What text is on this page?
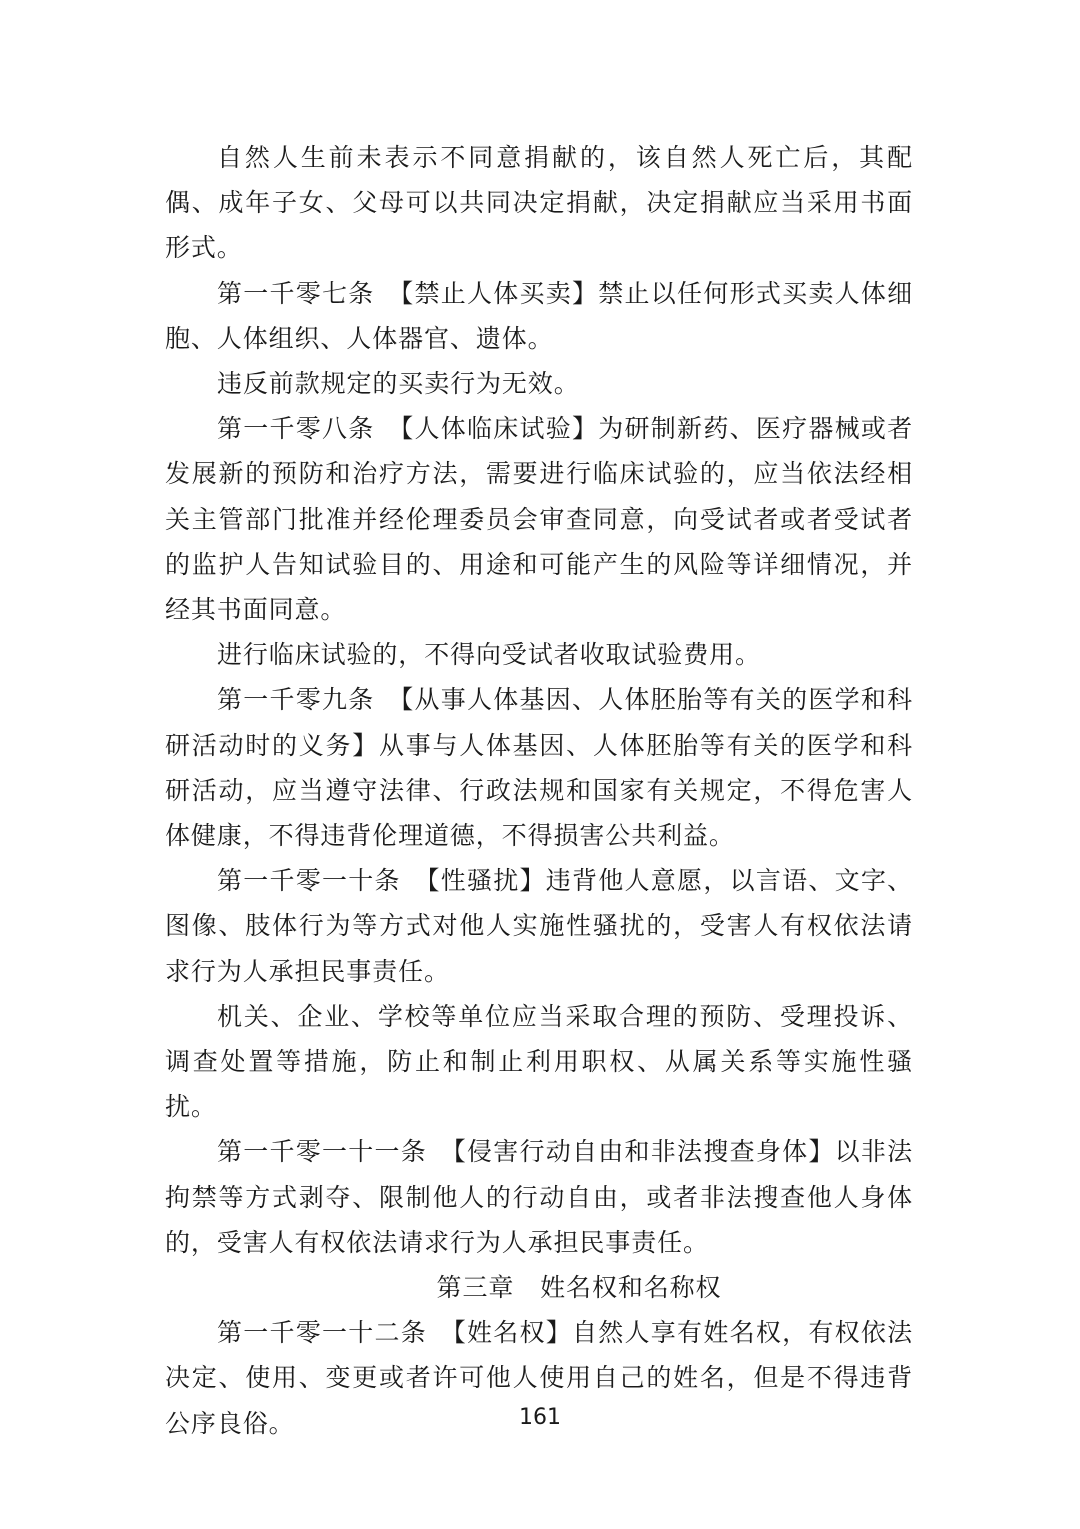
自然人生前未表示不同意捐献的，该自然人死亡后，其配偶、成年子女、父母可以共同决定捐献，决定捐献应当采用书面形式。

第一千零七条　【禁止人体买卖】禁止以任何形式买卖人体细胞、人体组织、人体器官、遗体。

违反前款规定的买卖行为无效。

第一千零八条　【人体临床试验】为研制新药、医疗器械或者发展新的预防和治疗方法，需要进行临床试验的，应当依法经相关主管部门批准并经伦理委员会审查同意，向受试者或者受试者的监护人告知试验目的、用途和可能产生的风险等详细情况，并经其书面同意。

进行临床试验的，不得向受试者收取试验费用。

第一千零九条　【从事人体基因、人体胚胎等有关的医学和科研活动时的义务】从事与人体基因、人体胚胎等有关的医学和科研活动，应当遵守法律、行政法规和国家有关规定，不得危害人体健康，不得违背伦理道德，不得损害公共利益。

第一千零一十条　【性骚扰】违背他人意愿，以言语、文字、图像、肢体行为等方式对他人实施性骚扰的，受害人有权依法请求行为人承担民事责任。

机关、企业、学校等单位应当采取合理的预防、受理投诉、调查处置等措施，防止和制止利用职权、从属关系等实施性骚扰。

第一千零一十一条　【侵害行动自由和非法搜查身体】以非法拘禁等方式剥夺、限制他人的行动自由，或者非法搜查他人身体的，受害人有权依法请求行为人承担民事责任。

第三章　姓名权和名称权

第一千零一十二条　【姓名权】自然人享有姓名权，有权依法决定、使用、变更或者许可他人使用自己的姓名，但是不得违背公序良俗。	161
